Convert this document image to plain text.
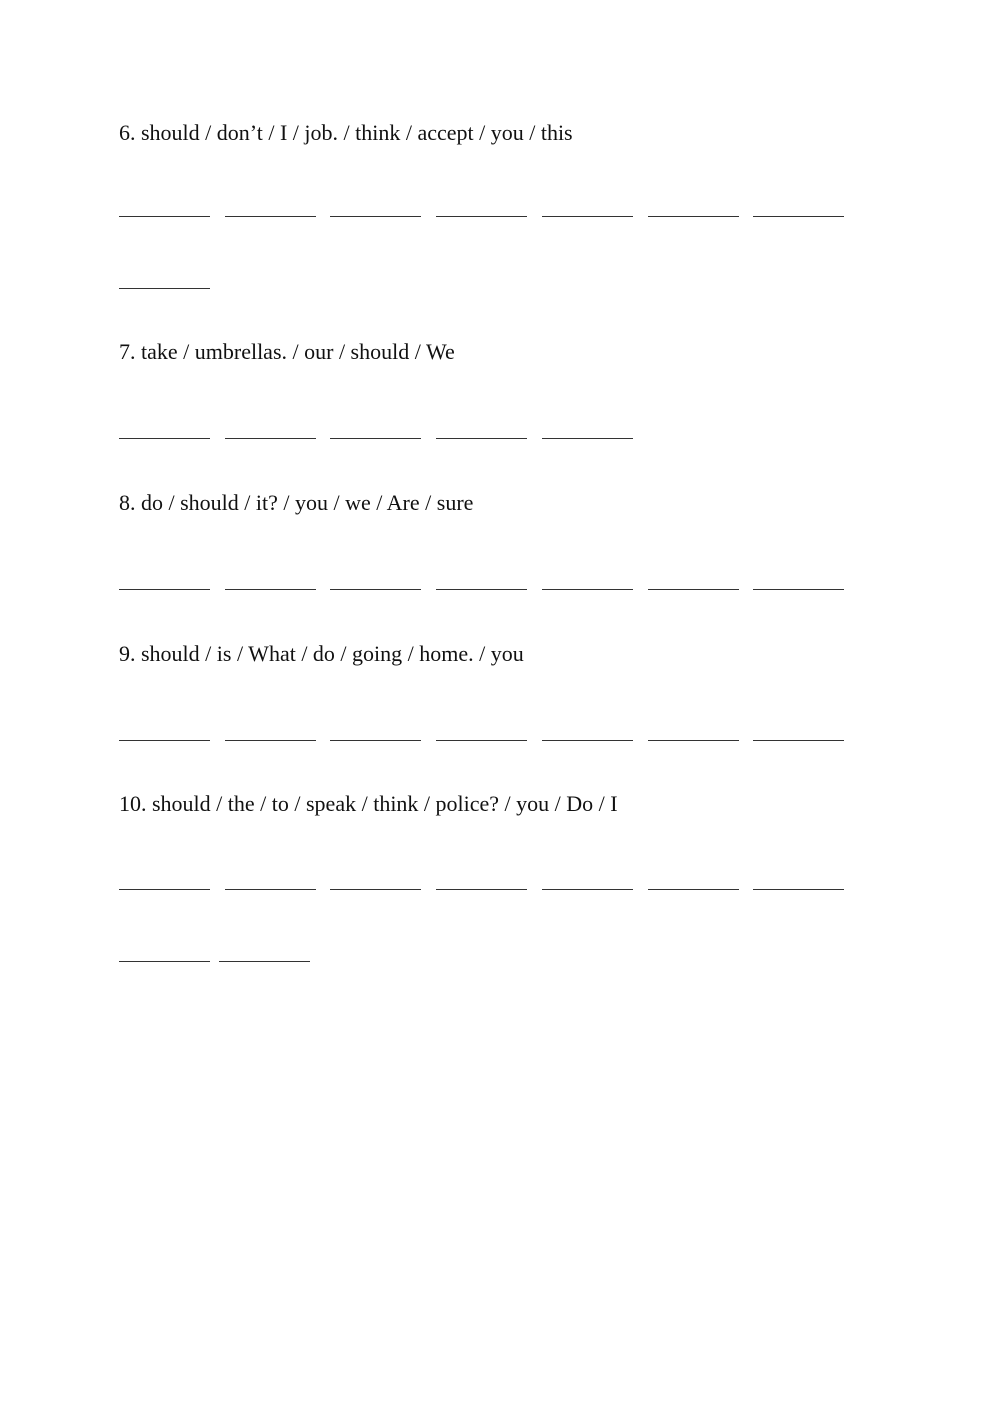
6. should / don’t / I / job. / think / accept / you / this
7. take / umbrellas. / our / should / We
8. do / should / it? / you / we / Are / sure
9. should / is / What / do / going / home. / you
10. should / the / to / speak / think / police? / you / Do / I
